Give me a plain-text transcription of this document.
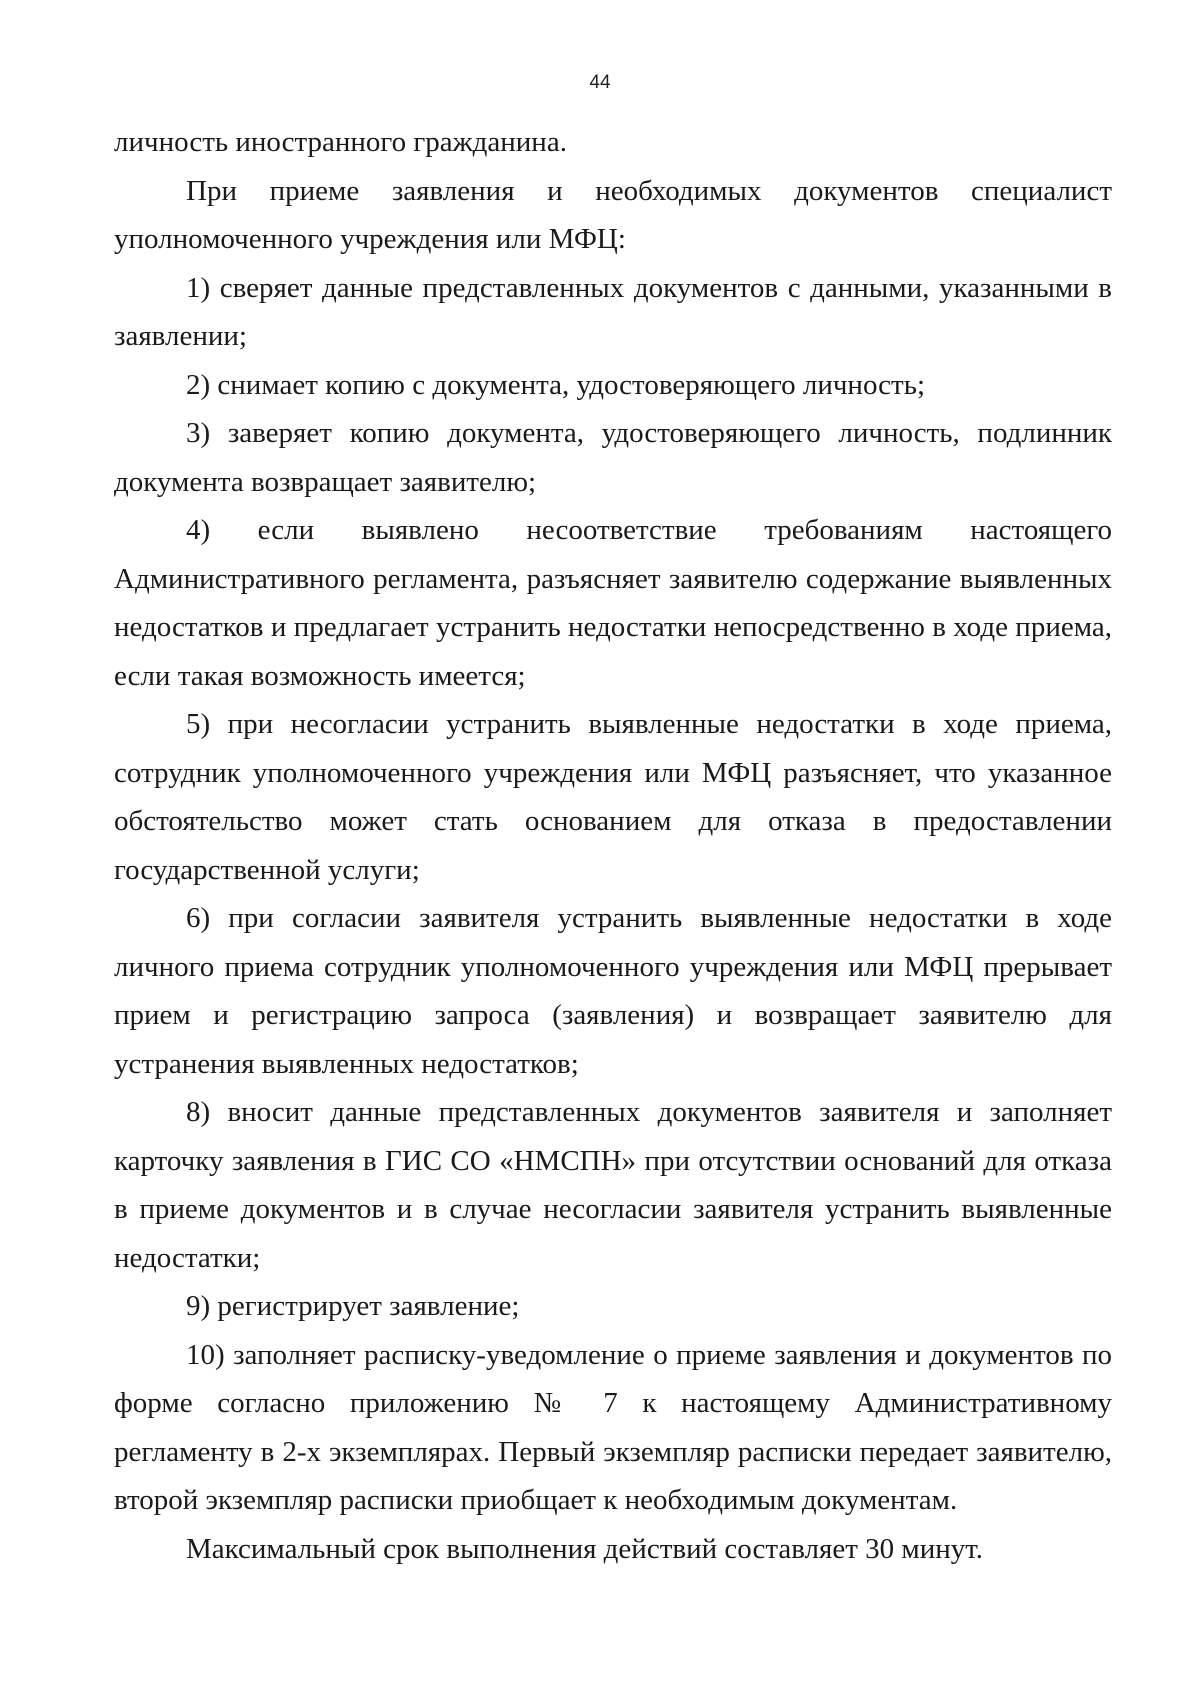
44

личность иностранного гражданина.

При приеме заявления и необходимых документов специалист уполномоченного учреждения или МФЦ:

1) сверяет данные представленных документов с данными, указанными в заявлении;

2) снимает копию с документа, удостоверяющего личность;

3) заверяет копию документа, удостоверяющего личность, подлинник документа возвращает заявителю;

4) если выявлено несоответствие требованиям настоящего Административного регламента, разъясняет заявителю содержание выявленных недостатков и предлагает устранить недостатки непосредственно в ходе приема, если такая возможность имеется;

5) при несогласии устранить выявленные недостатки в ходе приема, сотрудник уполномоченного учреждения или МФЦ разъясняет, что указанное обстоятельство может стать основанием для отказа в предоставлении государственной услуги;

6) при согласии заявителя устранить выявленные недостатки в ходе личного приема сотрудник уполномоченного учреждения или МФЦ прерывает прием и регистрацию запроса (заявления) и возвращает заявителю для устранения выявленных недостатков;

8) вносит данные представленных документов заявителя и заполняет карточку заявления в ГИС СО «НМСПН» при отсутствии оснований для отказа в приеме документов и в случае несогласии заявителя устранить выявленные недостатки;

9) регистрирует заявление;

10) заполняет расписку-уведомление о приеме заявления и документов по форме согласно приложению № 7 к настоящему Административному регламенту в 2-х экземплярах. Первый экземпляр расписки передает заявителю, второй экземпляр расписки приобщает к необходимым документам.

Максимальный срок выполнения действий составляет 30 минут.
